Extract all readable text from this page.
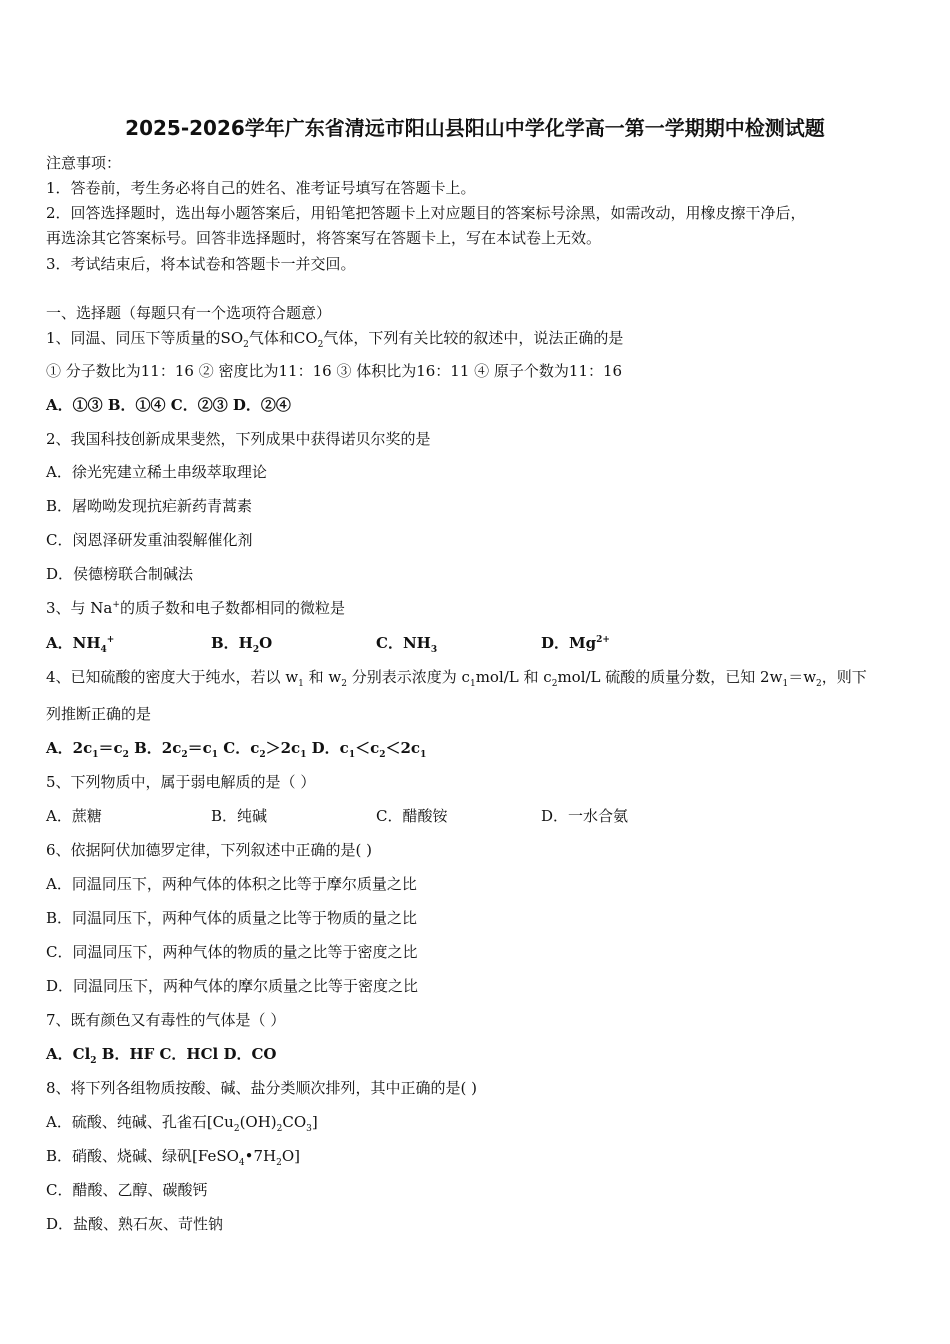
2025-2026学年广东省清远市阳山县阳山中学化学高一第一学期期中检测试题
注意事项：
1．答卷前，考生务必将自己的姓名、准考证号填写在答题卡上。
2．回答选择题时，选出每小题答案后，用铅笔把答题卡上对应题目的答案标号涂黑，如需改动，用橡皮擦干净后，
再选涂其它答案标号。回答非选择题时，将答案写在答题卡上，写在本试卷上无效。
3．考试结束后，将本试卷和答题卡一并交回。
一、选择题（每题只有一个选项符合题意）
1、同温、同压下等质量的$SO_2$气体和$CO_2$气体，下列有关比较的叙述中，说法正确的是
① 分子数比为11：16 ② 密度比为11：16 ③ 体积比为16：11 ④ 原子个数为11：16
A．①③ B．①④ C．②③ D．②④
2、我国科技创新成果斐然，下列成果中获得诺贝尔奖的是
A．徐光宪建立稀土串级萃取理论
B．屠呦呦发现抗疟新药青蒿素
C．闵恩泽研发重油裂解催化剂
D．侯德榜联合制碱法
3、与 Na+的质子数和电子数都相同的微粒是
A．$NH_4^+$	B．$H_2O$	C．$NH_3$	D．$Mg^{2+}$
4、已知硫酸的密度大于纯水，若以 $w_1$ 和 $w_2$ 分别表示浓度为 $c_1mol/L$ 和 $c_2mol/L$ 硫酸的质量分数，已知 $2w_1=w_2$，则下
列推断正确的是
A．$2c_1=c_2$ B．$2c_2=c_1$ C．$c_2>2c_1$ D．$c_1<c_2<2c_1$
5、下列物质中，属于弱电解质的是（ ）
A．蔗糖	B．纯碱	C．醋酸铵	D．一水合氨
6、依据阿伏加德罗定律，下列叙述中正确的是( )
A．同温同压下，两种气体的体积之比等于摩尔质量之比
B．同温同压下，两种气体的质量之比等于物质的量之比
C．同温同压下，两种气体的物质的量之比等于密度之比
D．同温同压下，两种气体的摩尔质量之比等于密度之比
7、既有颜色又有毒性的气体是（ ）
A．$Cl_2$ B．HF C．HCl D．CO
8、将下列各组物质按酸、碱、盐分类顺次排列，其中正确的是( )
A．硫酸、纯碱、孔雀石$[Cu_2(OH)_2CO_3]$
B．硝酸、烧碱、绿矾$[FeSO_4•7H_2O]$
C．醋酸、乙醇、碳酸钙
D．盐酸、熟石灰、苛性钠
